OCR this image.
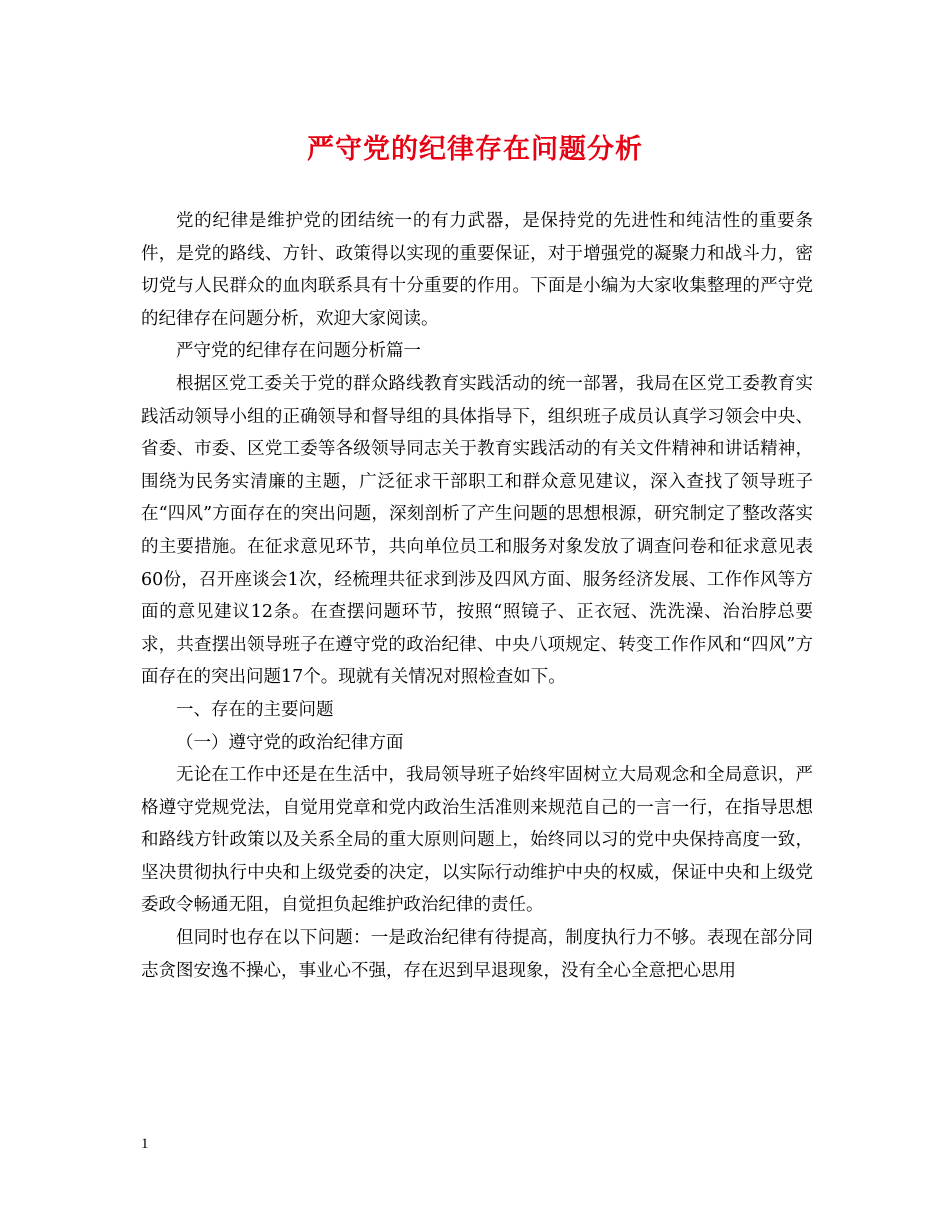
严守党的纪律存在问题分析

党的纪律是维护党的团结统一的有力武器，是保持党的先进性和纯洁性的重要条件，是党的路线、方针、政策得以实现的重要保证，对于增强党的凝聚力和战斗力，密切党与人民群众的血肉联系具有十分重要的作用。下面是小编为大家收集整理的严守党的纪律存在问题分析，欢迎大家阅读。

严守党的纪律存在问题分析篇一

根据区党工委关于党的群众路线教育实践活动的统一部署，我局在区党工委教育实践活动领导小组的正确领导和督导组的具体指导下，组织班子成员认真学习领会中央、省委、市委、区党工委等各级领导同志关于教育实践活动的有关文件精神和讲话精神，围绕为民务实清廉的主题，广泛征求干部职工和群众意见建议，深入查找了领导班子在“四风”方面存在的突出问题，深刻剖析了产生问题的思想根源，研究制定了整改落实的主要措施。在征求意见环节，共向单位员工和服务对象发放了调查问卷和征求意见表60份，召开座谈会1次，经梳理共征求到涉及四风方面、服务经济发展、工作作风等方面的意见建议12条。在查摆问题环节，按照“照镜子、正衣冠、洗洗澡、治治脖总要求，共查摆出领导班子在遵守党的政治纪律、中央八项规定、转变工作作风和“四风”方面存在的突出问题17个。现就有关情况对照检查如下。

一、存在的主要问题

（一）遵守党的政治纪律方面

无论在工作中还是在生活中，我局领导班子始终牢固树立大局观念和全局意识，严格遵守党规党法，自觉用党章和党内政治生活准则来规范自己的一言一行，在指导思想和路线方针政策以及关系全局的重大原则问题上，始终同以习的党中央保持高度一致，坚决贯彻执行中央和上级党委的决定，以实际行动维护中央的权威，保证中央和上级党委政令畅通无阻，自觉担负起维护政治纪律的责任。

但同时也存在以下问题：一是政治纪律有待提高，制度执行力不够。表现在部分同志贪图安逸不操心，事业心不强，存在迟到早退现象，没有全心全意把心思用

1
